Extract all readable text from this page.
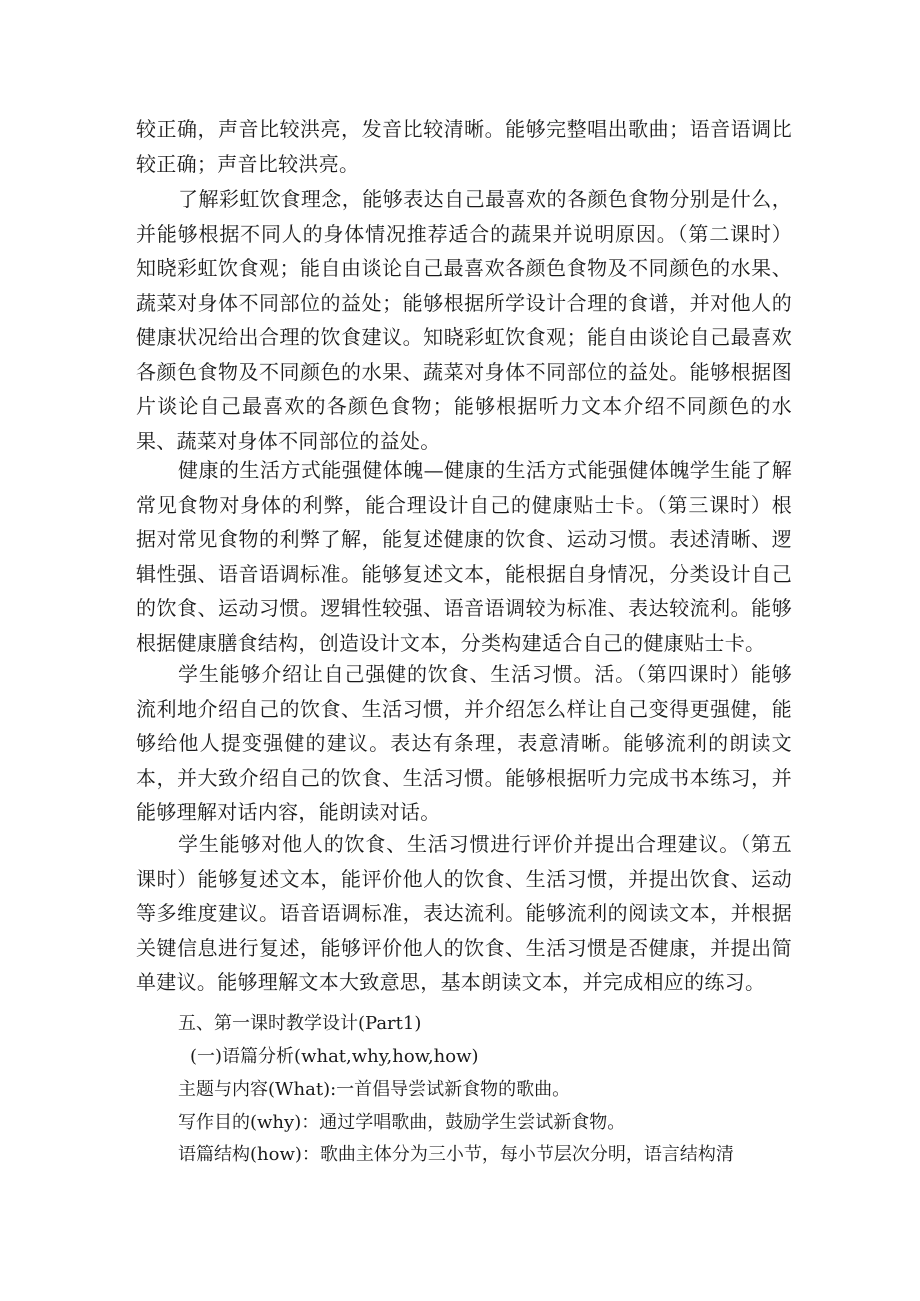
较正确，声音比较洪亮，发音比较清晰。能够完整唱出歌曲；语音语调比较正确；声音比较洪亮。

了解彩虹饮食理念，能够表达自己最喜欢的各颜色食物分别是什么，并能够根据不同人的身体情况推荐适合的蔬果并说明原因。（第二课时）知晓彩虹饮食观；能自由谈论自己最喜欢各颜色食物及不同颜色的水果、蔬菜对身体不同部位的益处；能够根据所学设计合理的食谱，并对他人的健康状况给出合理的饮食建议。知晓彩虹饮食观；能自由谈论自己最喜欢各颜色食物及不同颜色的水果、蔬菜对身体不同部位的益处。能够根据图片谈论自己最喜欢的各颜色食物；能够根据听力文本介绍不同颜色的水果、蔬菜对身体不同部位的益处。

健康的生活方式能强健体魄—健康的生活方式能强健体魄学生能了解常见食物对身体的利弊，能合理设计自己的健康贴士卡。（第三课时）根据对常见食物的利弊了解，能复述健康的饮食、运动习惯。表述清晰、逻辑性强、语音语调标准。能够复述文本，能根据自身情况，分类设计自己的饮食、运动习惯。逻辑性较强、语音语调较为标准、表达较流利。能够根据健康膳食结构，创造设计文本，分类构建适合自己的健康贴士卡。

学生能够介绍让自己强健的饮食、生活习惯。活。（第四课时）能够流利地介绍自己的饮食、生活习惯，并介绍怎么样让自己变得更强健，能够给他人提变强健的建议。表达有条理，表意清晰。能够流利的朗读文本，并大致介绍自己的饮食、生活习惯。能够根据听力完成书本练习，并能够理解对话内容，能朗读对话。

学生能够对他人的饮食、生活习惯进行评价并提出合理建议。（第五课时）能够复述文本，能评价他人的饮食、生活习惯，并提出饮食、运动等多维度建议。语音语调标准，表达流利。能够流利的阅读文本，并根据关键信息进行复述，能够评价他人的饮食、生活习惯是否健康，并提出简单建议。能够理解文本大致意思，基本朗读文本，并完成相应的练习。

五、第一课时教学设计(Part1)
(一)语篇分析(what,why,how,how)
主题与内容(What):一首倡导尝试新食物的歌曲。
写作目的(why)：通过学唱歌曲，鼓励学生尝试新食物。
语篇结构(how)：歌曲主体分为三小节，每小节层次分明，语言结构清
